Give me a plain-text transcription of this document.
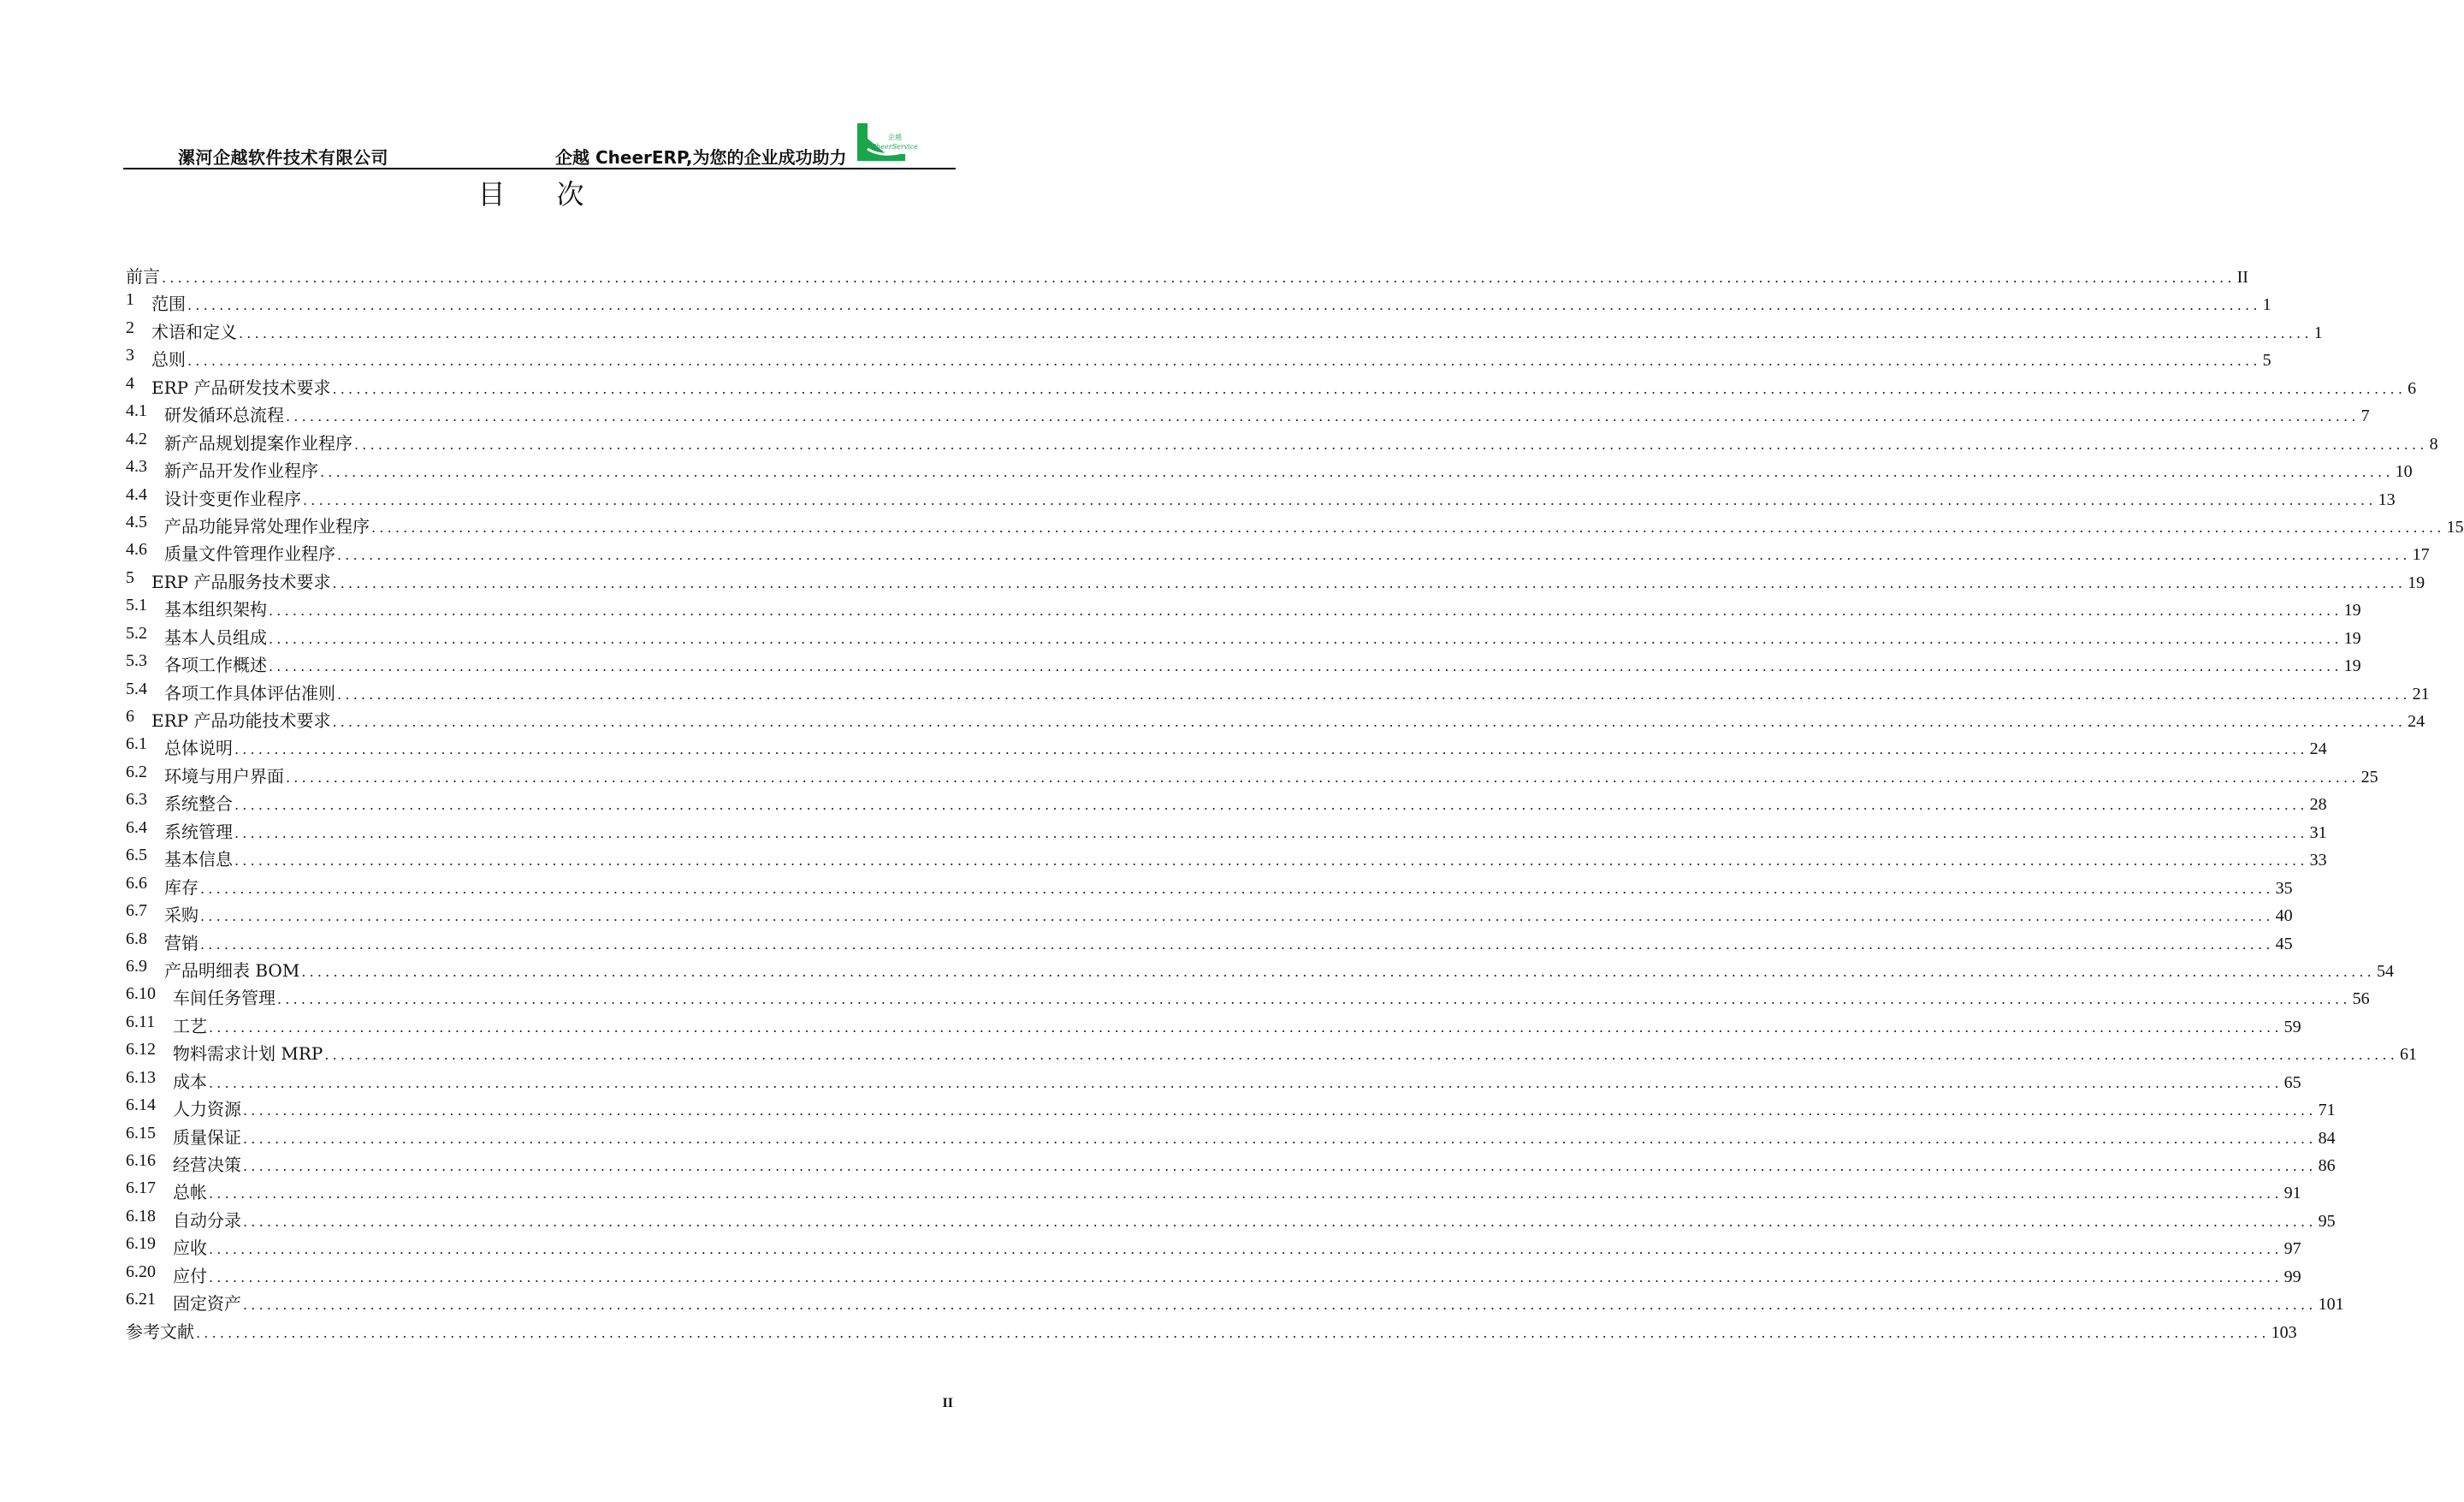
漯河企越软件技术有限公司	企越 CheerERP,为您的企业成功助力
企越
CheerService
目次
前言 .....	II
1 范围 .....	1
2 术语和定义 .....	1
3 总则 .....	5
4 ERP 产品研发技术要求 .....	6
4.1 研发循环总流程 .....	7
4.2 新产品规划提案作业程序 .....	8
4.3 新产品开发作业程序 .....	10
4.4 设计变更作业程序 .....	13
4.5 产品功能异常处理作业程序 .....	15
4.6 质量文件管理作业程序 .....	17
5 ERP 产品服务技术要求 .....	19
5.1 基本组织架构 .....	19
5.2 基本人员组成 .....	19
5.3 各项工作概述 .....	19
5.4 各项工作具体评估准则 .....	21
6 ERP 产品功能技术要求 .....	24
6.1 总体说明 .....	24
6.2 环境与用户界面 .....	25
6.3 系统整合 .....	28
6.4 系统管理 .....	31
6.5 基本信息 .....	33
6.6 库存 .....	35
6.7 采购 .....	40
6.8 营销 .....	45
6.9 产品明细表 BOM .....	54
6.10 车间任务管理 .....	56
6.11 工艺 .....	59
6.12 物料需求计划 MRP .....	61
6.13 成本 .....	65
6.14 人力资源 .....	71
6.15 质量保证 .....	84
6.16 经营决策 .....	86
6.17 总帐 .....	91
6.18 自动分录 .....	95
6.19 应收 .....	97
6.20 应付 .....	99
6.21 固定资产 .....	101
参考文献 .....	103
II
